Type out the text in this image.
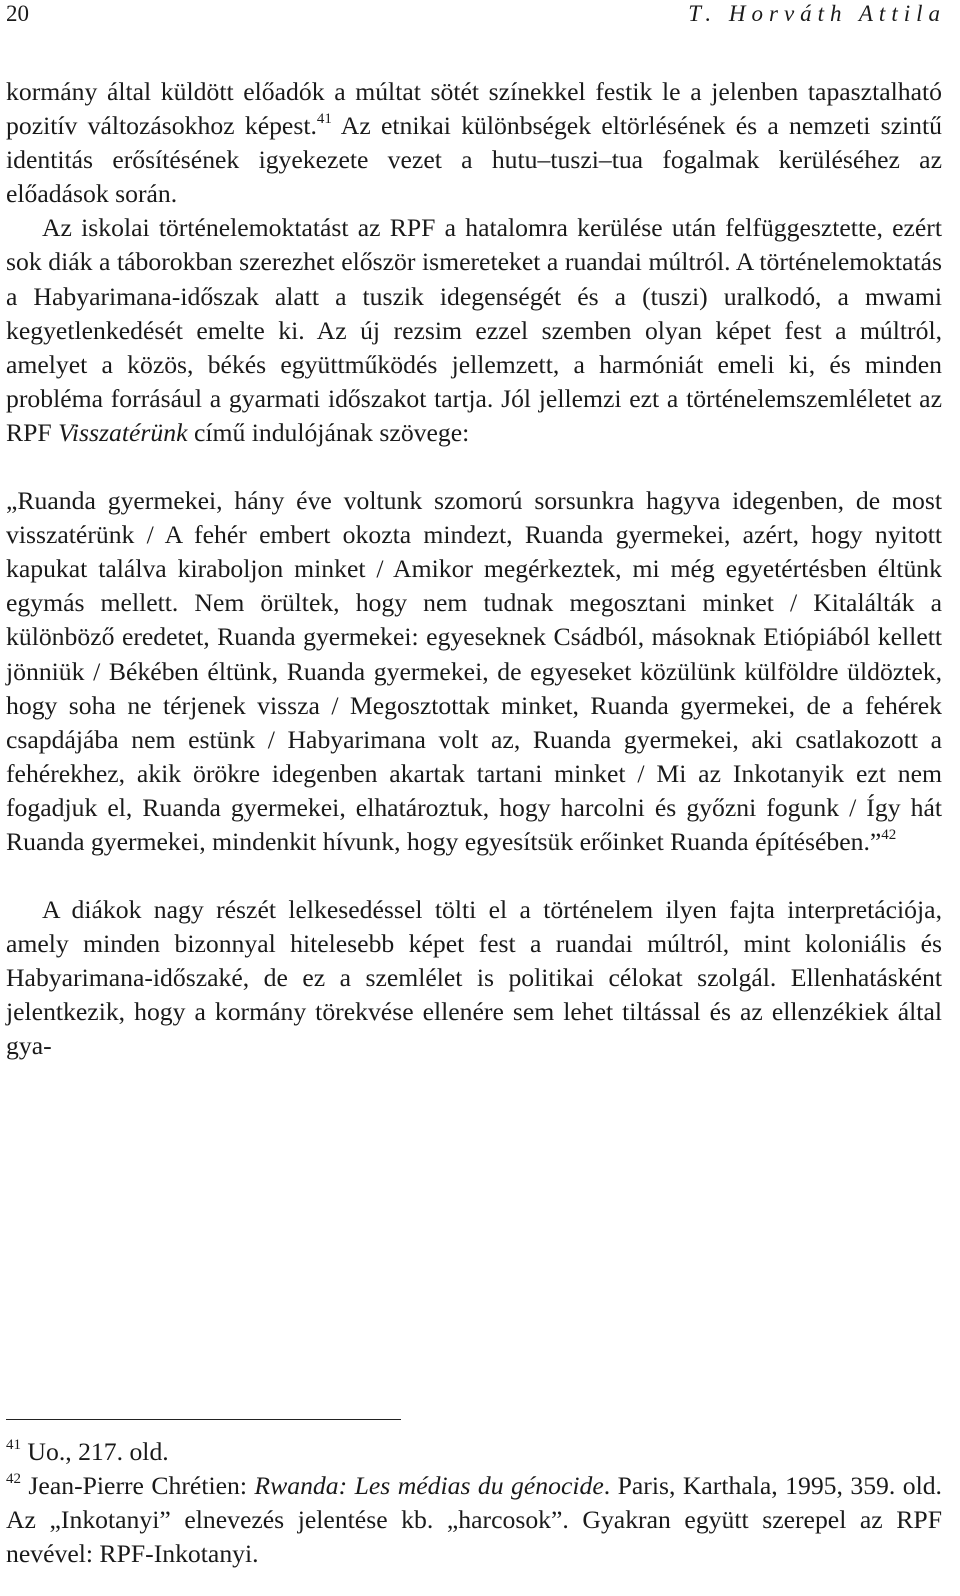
20	T. Horváth Attila

kormány által küldött előadók a múltat sötét színekkel festik le a jelenben tapasztalható pozitív változásokhoz képest.$^{41}$ Az etnikai különbségek eltörlésének és a nemzeti szintű identitás erősítésének igyekezete vezet a hutu–tuszi–tua fogalmak kerüléséhez az előadások során.

Az iskolai történelemoktatást az RPF a hatalomra kerülése után felfüggesztette, ezért sok diák a táborokban szerezhet először ismereteket a ruandai múltról. A történelemoktatás a Habyarimana-időszak alatt a tuszik idegenségét és a (tuszi) uralkodó, a mwami kegyetlenkedését emelte ki. Az új rezsim ezzel szemben olyan képet fest a múltról, amelyet a közös, békés együttműködés jellemzett, a harmóniát emeli ki, és minden probléma forrásául a gyarmati időszakot tartja. Jól jellemzi ezt a történelemszemléletet az RPF Visszatérünk című indulójának szövege:

„Ruanda gyermekei, hány éve voltunk szomorú sorsunkra hagyva idegenben, de most visszatérünk / A fehér embert okozta mindezt, Ruanda gyermekei, azért, hogy nyitott kapukat találva kiraboljon minket / Amikor megérkeztek, mi még egyetértésben éltünk egymás mellett. Nem örültek, hogy nem tudnak megosztani minket / Kitalálták a különböző eredetet, Ruanda gyermekei: egyeseknek Csádból, másoknak Etiópiából kellett jönniük / Békében éltünk, Ruanda gyermekei, de egyeseket közülünk külföldre üldöztek, hogy soha ne térjenek vissza / Megosztottak minket, Ruanda gyermekei, de a fehérek csapdájába nem estünk / Habyarimana volt az, Ruanda gyermekei, aki csatlakozott a fehérekhez, akik örökre idegenben akartak tartani minket / Mi az Inkotanyik ezt nem fogadjuk el, Ruanda gyermekei, elhatároztuk, hogy harcolni és győzni fogunk / Így hát Ruanda gyermekei, mindenkit hívunk, hogy egyesítsük erőinket Ruanda építésében.”$^{42}$

A diákok nagy részét lelkesedéssel tölti el a történelem ilyen fajta interpretációja, amely minden bizonnyal hitelesebb képet fest a ruandai múltról, mint koloniális és Habyarimana-időszaké, de ez a szemlélet is politikai célokat szolgál. Ellenhatásként jelentkezik, hogy a kormány törekvése ellenére sem lehet tiltással és az ellenzékiek által gya-

$^{41}$ Uo., 217. old.

$^{42}$ Jean-Pierre Chrétien: Rwanda: Les médias du génocide. Paris, Karthala, 1995, 359. old. Az „Inkotanyi” elnevezés jelentése kb. „harcosok”. Gyakran együtt szerepel az RPF nevével: RPF-Inkotanyi.
